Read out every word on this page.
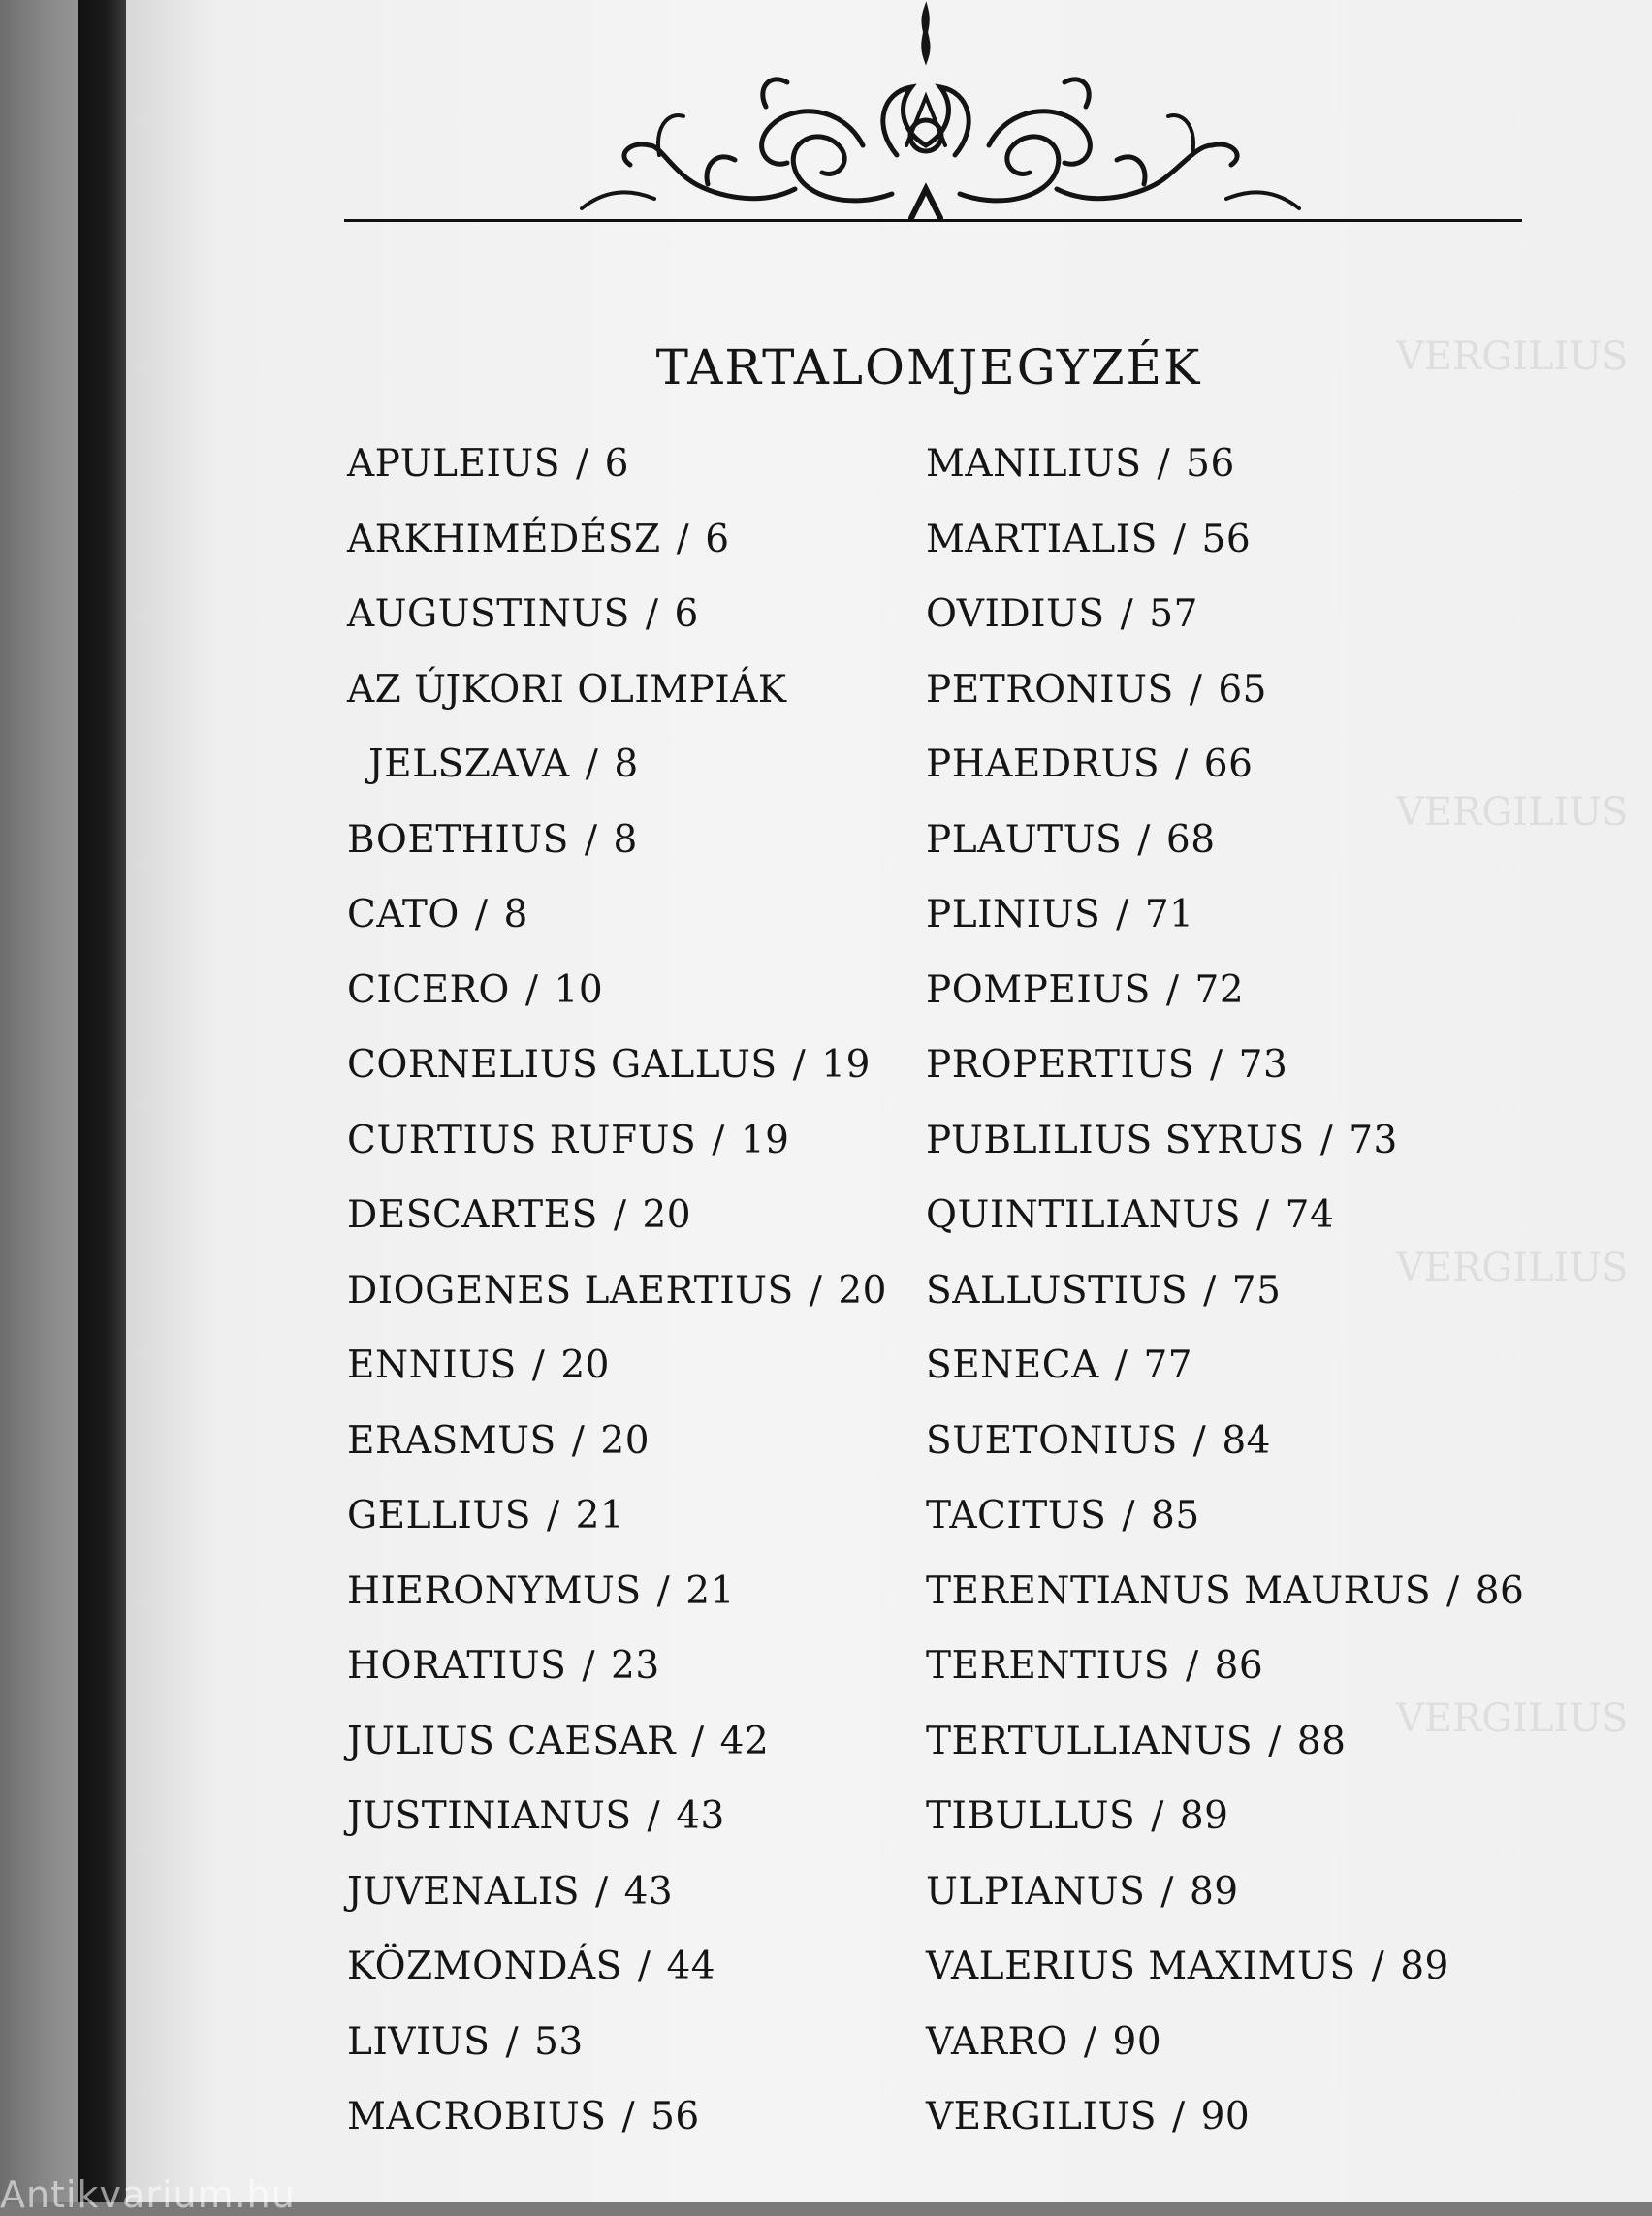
VERGILIUS
VERGILIUS
VERGILIUS
VERGILIUS
TARTALOMJEGYZÉK
APULEIUS / 6
ARKHIMÉDÉSZ / 6
AUGUSTINUS / 6
AZ ÚJKORI OLIMPIÁK
JELSZAVA / 8
BOETHIUS / 8
CATO / 8
CICERO / 10
CORNELIUS GALLUS / 19
CURTIUS RUFUS / 19
DESCARTES / 20
DIOGENES LAERTIUS / 20
ENNIUS / 20
ERASMUS / 20
GELLIUS / 21
HIERONYMUS / 21
HORATIUS / 23
JULIUS CAESAR / 42
JUSTINIANUS / 43
JUVENALIS / 43
KÖZMONDÁS / 44
LIVIUS / 53
MACROBIUS / 56
MANILIUS / 56
MARTIALIS / 56
OVIDIUS / 57
PETRONIUS / 65
PHAEDRUS / 66
PLAUTUS / 68
PLINIUS / 71
POMPEIUS / 72
PROPERTIUS / 73
PUBLILIUS SYRUS / 73
QUINTILIANUS / 74
SALLUSTIUS / 75
SENECA / 77
SUETONIUS / 84
TACITUS / 85
TERENTIANUS MAURUS / 86
TERENTIUS / 86
TERTULLIANUS / 88
TIBULLUS / 89
ULPIANUS / 89
VALERIUS MAXIMUS / 89
VARRO / 90
VERGILIUS / 90
Antikvarium.hu
